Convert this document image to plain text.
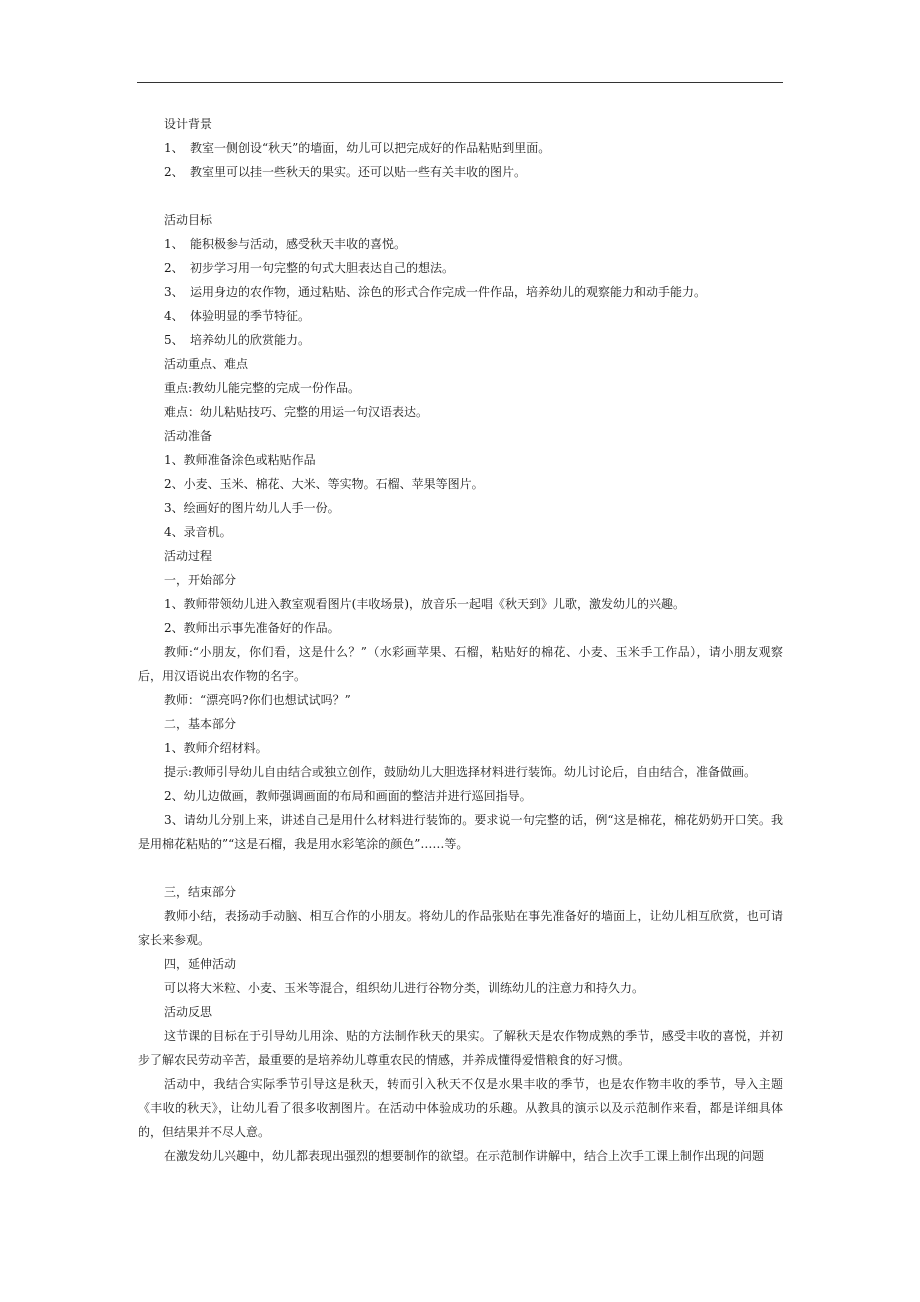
设计背景
1、 教室一侧创设“秋天”的墙面，幼儿可以把完成好的作品粘贴到里面。
2、 教室里可以挂一些秋天的果实。还可以贴一些有关丰收的图片。
活动目标
1、 能积极参与活动，感受秋天丰收的喜悦。
2、 初步学习用一句完整的句式大胆表达自己的想法。
3、 运用身边的农作物，通过粘贴、涂色的形式合作完成一件作品，培养幼儿的观察能力和动手能力。
4、 体验明显的季节特征。
5、 培养幼儿的欣赏能力。
活动重点、难点
重点:教幼儿能完整的完成一份作品。
难点：幼儿粘贴技巧、完整的用运一句汉语表达。
活动准备
1、教师准备涂色或粘贴作品
2、小麦、玉米、棉花、大米、等实物。石榴、苹果等图片。
3、绘画好的图片幼儿人手一份。
4、录音机。
活动过程
一，开始部分
1、教师带领幼儿进入教室观看图片(丰收场景)，放音乐一起唱《秋天到》儿歌，激发幼儿的兴趣。
2、教师出示事先准备好的作品。
教师:“小朋友，你们看，这是什么？”（水彩画苹果、石榴，粘贴好的棉花、小麦、玉米手工作品），请小朋友观察后，用汉语说出农作物的名字。
教师：“漂亮吗?你们也想试试吗？”
二，基本部分
1、教师介绍材料。
提示:教师引导幼儿自由结合或独立创作，鼓励幼儿大胆选择材料进行装饰。幼儿讨论后，自由结合，准备做画。
2、幼儿边做画，教师强调画面的布局和画面的整洁并进行巡回指导。
3、请幼儿分别上来，讲述自己是用什么材料进行装饰的。要求说一句完整的话，例“这是棉花，棉花奶奶开口笑。我是用棉花粘贴的”“这是石榴，我是用水彩笔涂的颜色”……等。
三，结束部分
教师小结，表扬动手动脑、相互合作的小朋友。将幼儿的作品张贴在事先准备好的墙面上，让幼儿相互欣赏，也可请家长来参观。
四，延伸活动
可以将大米粒、小麦、玉米等混合，组织幼儿进行谷物分类，训练幼儿的注意力和持久力。
活动反思
这节课的目标在于引导幼儿用涂、贴的方法制作秋天的果实。了解秋天是农作物成熟的季节，感受丰收的喜悦，并初步了解农民劳动辛苦，最重要的是培养幼儿尊重农民的情感，并养成懂得爱惜粮食的好习惯。
活动中，我结合实际季节引导这是秋天，转而引入秋天不仅是水果丰收的季节，也是农作物丰收的季节，导入主题《丰收的秋天》，让幼儿看了很多收割图片。在活动中体验成功的乐趣。从教具的演示以及示范制作来看，都是详细具体的，但结果并不尽人意。
在激发幼儿兴趣中，幼儿都表现出强烈的想要制作的欲望。在示范制作讲解中，结合上次手工课上制作出现的问题
